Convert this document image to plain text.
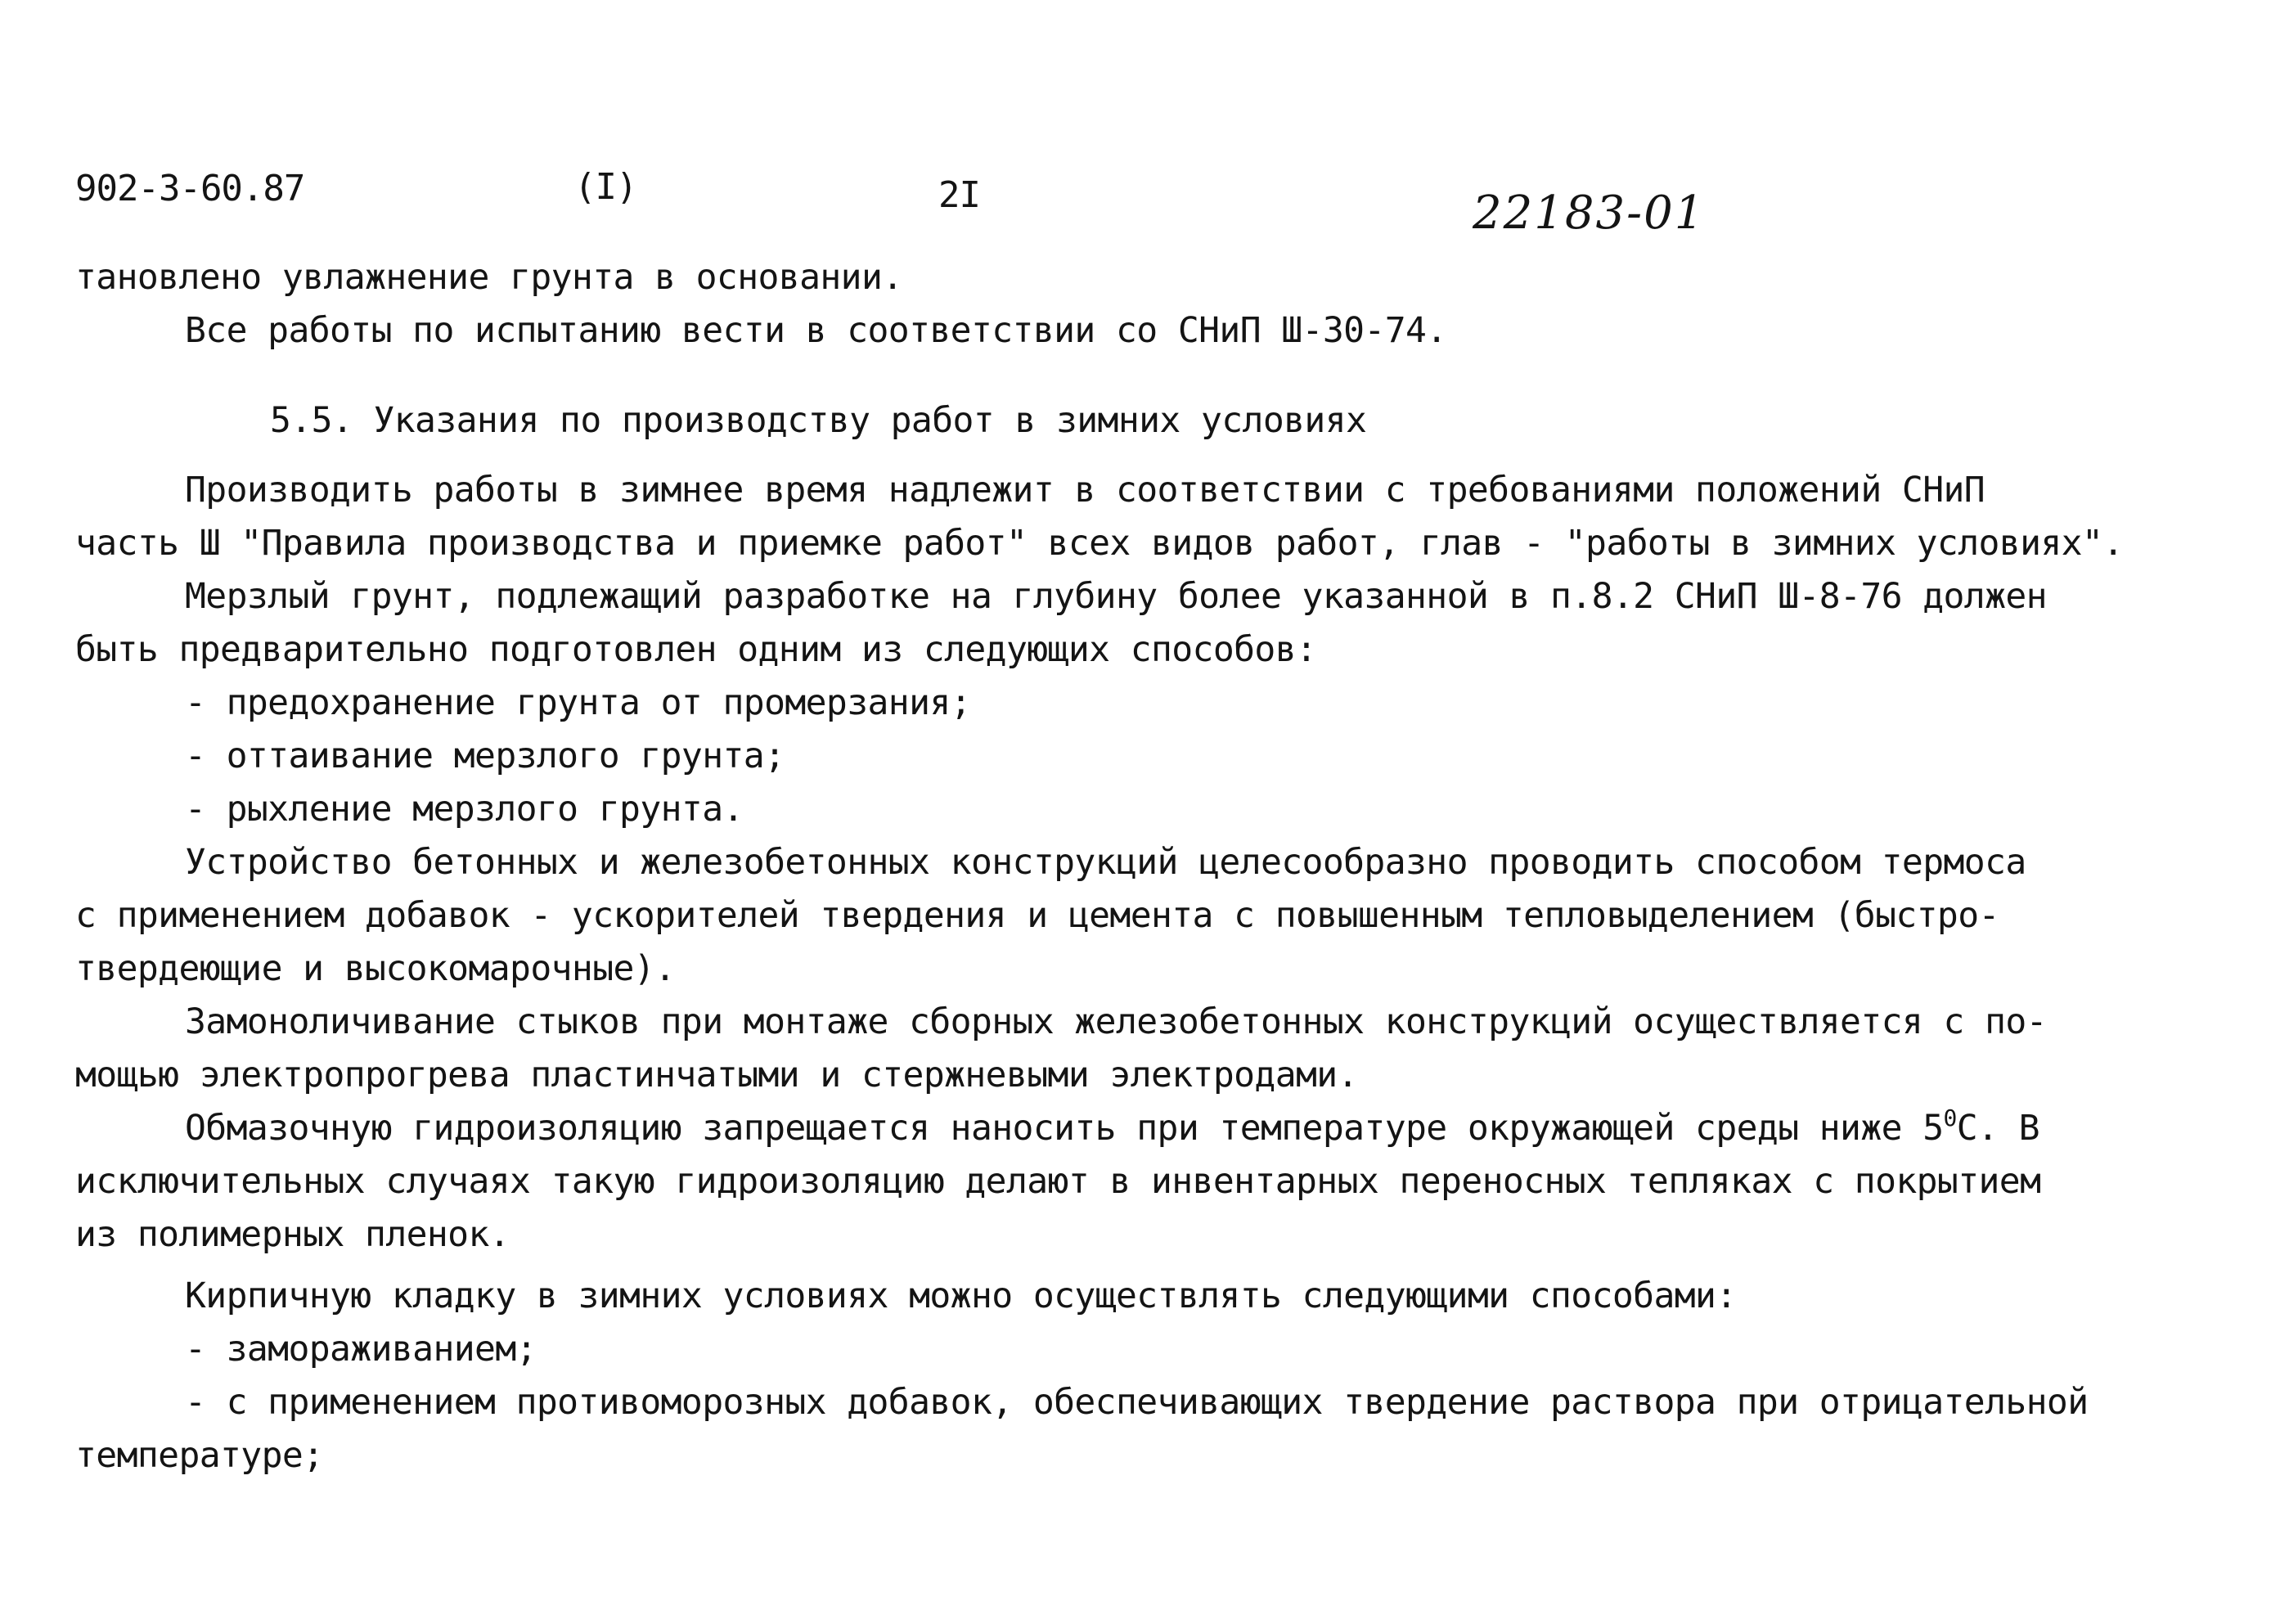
902-3-60.87	(I)	2I	22183-01
тановлено увлажнение грунта в основании.
Все работы по испытанию вести в соответствии со СНиП Ш-30-74.
5.5. Указания по производству работ в зимних условиях
Производить работы в зимнее время надлежит в соответствии с требованиями положений СНиП
часть Ш "Правила производства и приемке работ" всех видов работ, глав - "работы в зимних условиях".
Мерзлый грунт, подлежащий разработке на глубину более указанной в п.8.2 СНиП Ш-8-76 должен
быть предварительно подготовлен одним из следующих способов:
- предохранение грунта от промерзания;
- оттаивание мерзлого грунта;
- рыхление мерзлого грунта.
Устройство бетонных и железобетонных конструкций целесообразно проводить способом термоса
с применением добавок - ускорителей твердения и цемента с повышенным тепловыделением (быстро-
твердеющие и высокомарочные).
Замоноличивание стыков при монтаже сборных железобетонных конструкций осуществляется с по-
мощью электропрогрева пластинчатыми и стержневыми электродами.
Обмазочную гидроизоляцию запрещается наносить при температуре окружающей среды ниже $5^0С$. В
исключительных случаях такую гидроизоляцию делают в инвентарных переносных тепляках с покрытием
из полимерных пленок.
Кирпичную кладку в зимних условиях можно осуществлять следующими способами:
- замораживанием;
- с применением противоморозных добавок, обеспечивающих твердение раствора при отрицательной
температуре;
